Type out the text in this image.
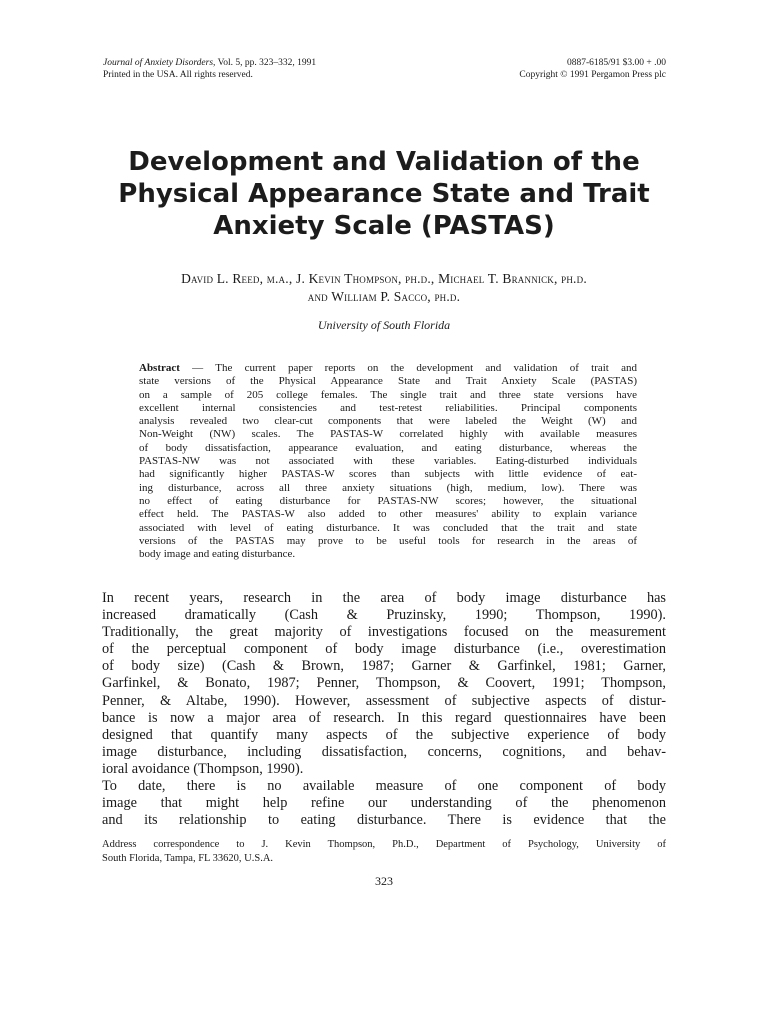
Journal of Anxiety Disorders, Vol. 5, pp. 323–332, 1991
Printed in the USA. All rights reserved.
0887-6185/91 $3.00 + .00
Copyright © 1991 Pergamon Press plc
Development and Validation of the
Physical Appearance State and Trait
Anxiety Scale (PASTAS)
David L. Reed, m.a., J. Kevin Thompson, ph.d., Michael T. Brannick, ph.d.
and William P. Sacco, ph.d.
University of South Florida
Abstract — The current paper reports on the development and validation of trait and
state versions of the Physical Appearance State and Trait Anxiety Scale (PASTAS)
on a sample of 205 college females. The single trait and three state versions have
excellent internal consistencies and test-retest reliabilities. Principal components
analysis revealed two clear-cut components that were labeled the Weight (W) and
Non-Weight (NW) scales. The PASTAS-W correlated highly with available measures
of body dissatisfaction, appearance evaluation, and eating disturbance, whereas the
PASTAS-NW was not associated with these variables. Eating-disturbed individuals
had significantly higher PASTAS-W scores than subjects with little evidence of eat-
ing disturbance, across all three anxiety situations (high, medium, low). There was
no effect of eating disturbance for PASTAS-NW scores; however, the situational
effect held. The PASTAS-W also added to other measures' ability to explain variance
associated with level of eating disturbance. It was concluded that the trait and state
versions of the PASTAS may prove to be useful tools for research in the areas of
body image and eating disturbance.
In recent years, research in the area of body image disturbance has
increased dramatically (Cash & Pruzinsky, 1990; Thompson, 1990).
Traditionally, the great majority of investigations focused on the measurement
of the perceptual component of body image disturbance (i.e., overestimation
of body size) (Cash & Brown, 1987; Garner & Garfinkel, 1981; Garner,
Garfinkel, & Bonato, 1987; Penner, Thompson, & Coovert, 1991; Thompson,
Penner, & Altabe, 1990). However, assessment of subjective aspects of distur-
bance is now a major area of research. In this regard questionnaires have been
designed that quantify many aspects of the subjective experience of body
image disturbance, including dissatisfaction, concerns, cognitions, and behav-
ioral avoidance (Thompson, 1990).
To date, there is no available measure of one component of body
image that might help refine our understanding of the phenomenon
and its relationship to eating disturbance. There is evidence that the
Address correspondence to J. Kevin Thompson, Ph.D., Department of Psychology, University of
South Florida, Tampa, FL 33620, U.S.A.
323
